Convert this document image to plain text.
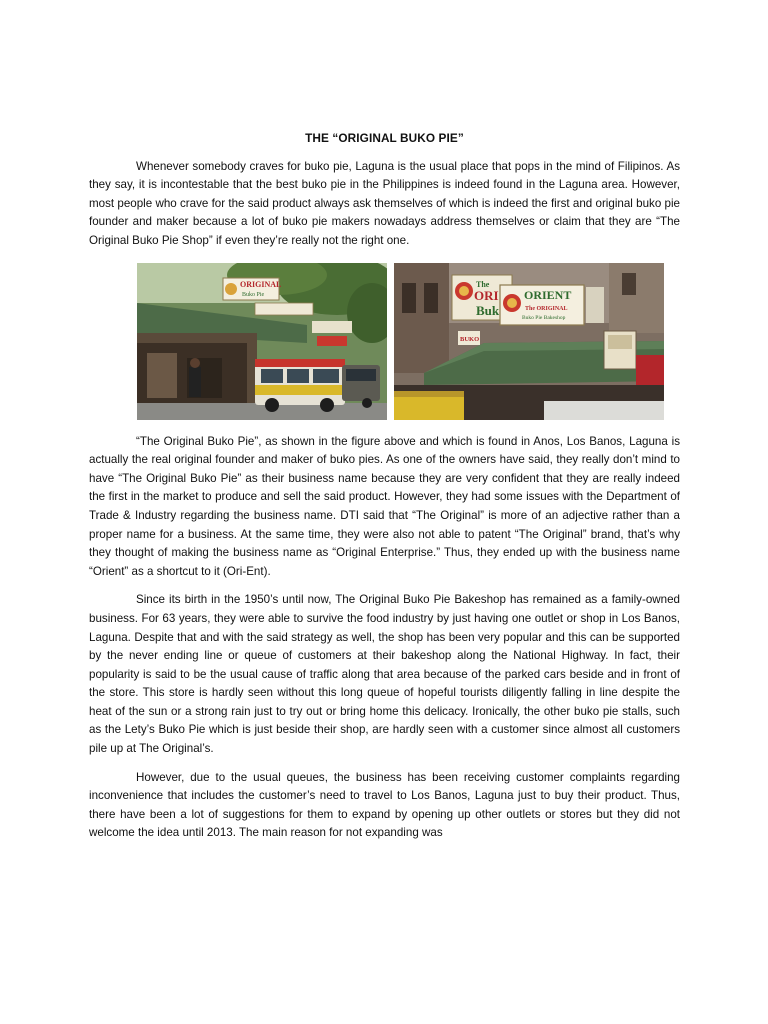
THE “ORIGINAL BUKO PIE”

Whenever somebody craves for buko pie, Laguna is the usual place that pops in the mind of Filipinos. As they say, it is incontestable that the best buko pie in the Philippines is indeed found in the Laguna area. However, most people who crave for the said product always ask themselves of which is indeed the first and original buko pie founder and maker because a lot of buko pie makers nowadays address themselves or claim that they are “The Original Buko Pie Shop” if even they’re really not the right one.

ORIGINAL
Buko Pie
The
ORI
Buk
ORIENT
The ORIGINAL
Buko Pie Bakeshop
BUKO

“The Original Buko Pie”, as shown in the figure above and which is found in Anos, Los Banos, Laguna is actually the real original founder and maker of buko pies. As one of the owners have said, they really don’t mind to have “The Original Buko Pie” as their business name because they are very confident that they are really indeed the first in the market to produce and sell the said product. However, they had some issues with the Department of Trade & Industry regarding the business name. DTI said that “The Original” is more of an adjective rather than a proper name for a business. At the same time, they were also not able to patent “The Original” brand, that’s why they thought of making the business name as “Original Enterprise.” Thus, they ended up with the business name “Orient” as a shortcut to it (Ori-Ent).

Since its birth in the 1950’s until now, The Original Buko Pie Bakeshop has remained as a family-owned business. For 63 years, they were able to survive the food industry by just having one outlet or shop in Los Banos, Laguna. Despite that and with the said strategy as well, the shop has been very popular and this can be supported by the never ending line or queue of customers at their bakeshop along the National Highway. In fact, their popularity is said to be the usual cause of traffic along that area because of the parked cars beside and in front of the store. This store is hardly seen without this long queue of hopeful tourists diligently falling in line despite the heat of the sun or a strong rain just to try out or bring home this delicacy. Ironically, the other buko pie stalls, such as the Lety’s Buko Pie which is just beside their shop, are hardly seen with a customer since almost all customers pile up at The Original’s.

However, due to the usual queues, the business has been receiving customer complaints regarding inconvenience that includes the customer’s need to travel to Los Banos, Laguna just to buy their product. Thus, there have been a lot of suggestions for them to expand by opening up other outlets or stores but they did not welcome the idea until 2013. The main reason for not expanding was
